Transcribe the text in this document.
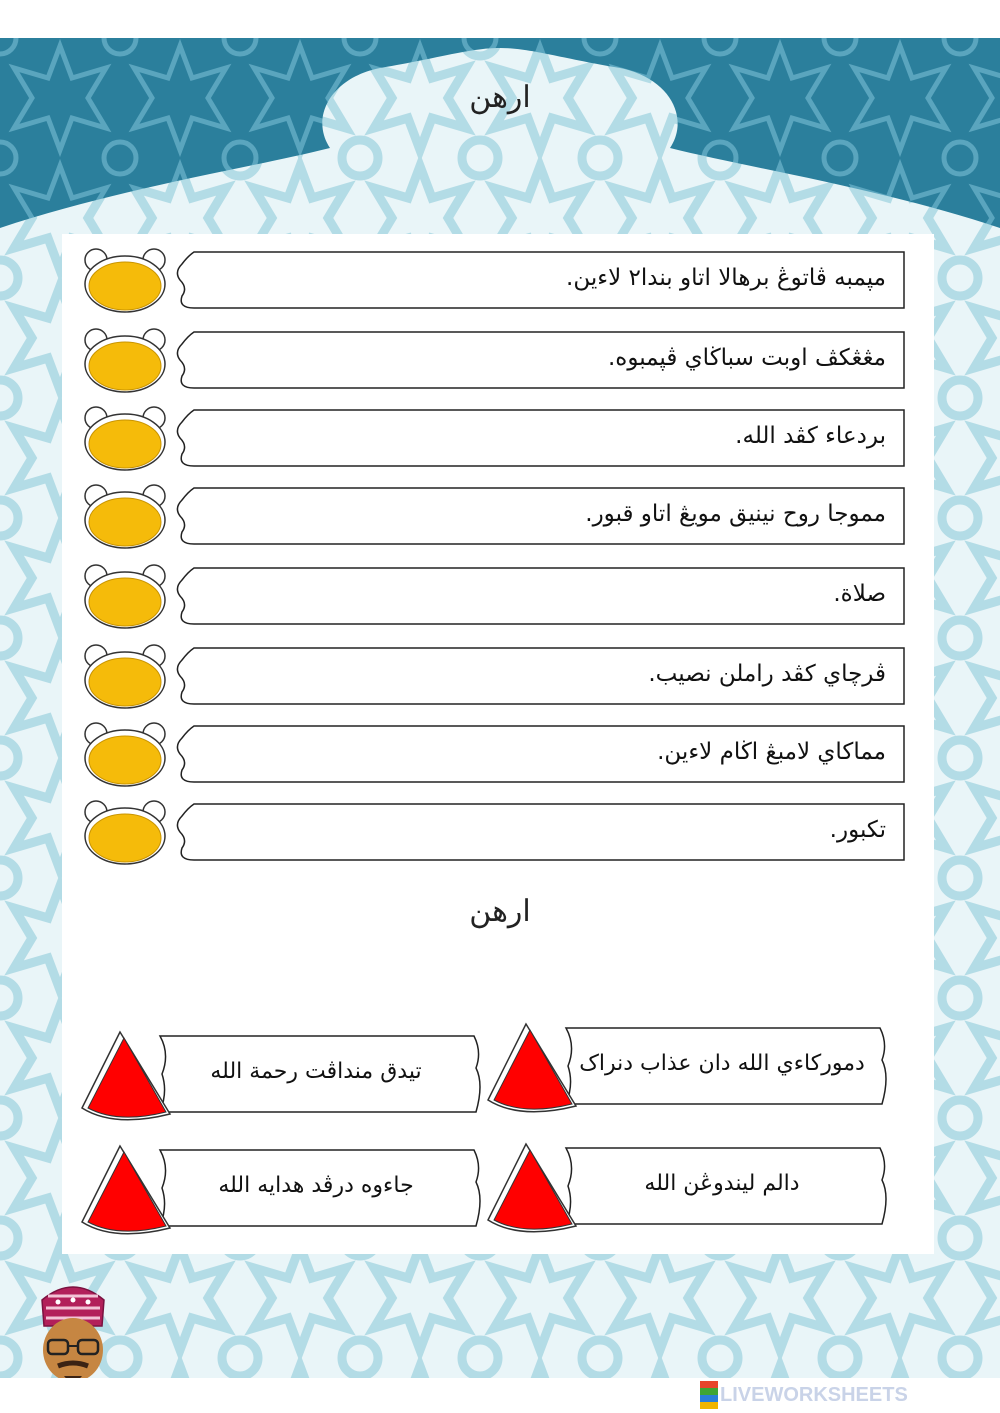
ارهن
مپمبه ڤاتوڠ برهالا اتاو بندا٢ لاءين.
مڠڠكڤ اوبت سباڬاي ڤپمبوه.
بردعاء كڤد الله.
مموجا روح نينيق مويڠ اتاو قبور.
صلاة.
ڤرچاي كڤد راملن نصيب.
مماكاي لامبڠ اڬام لاءين.
تكبور.
ارهن
دموركاءي الله دان عذاب دنراک
تيدق منداڤت رحمة الله
دالم ليندوڠن الله
جاءوه درڤد هدايه الله
LIVEWORKSHEETS
